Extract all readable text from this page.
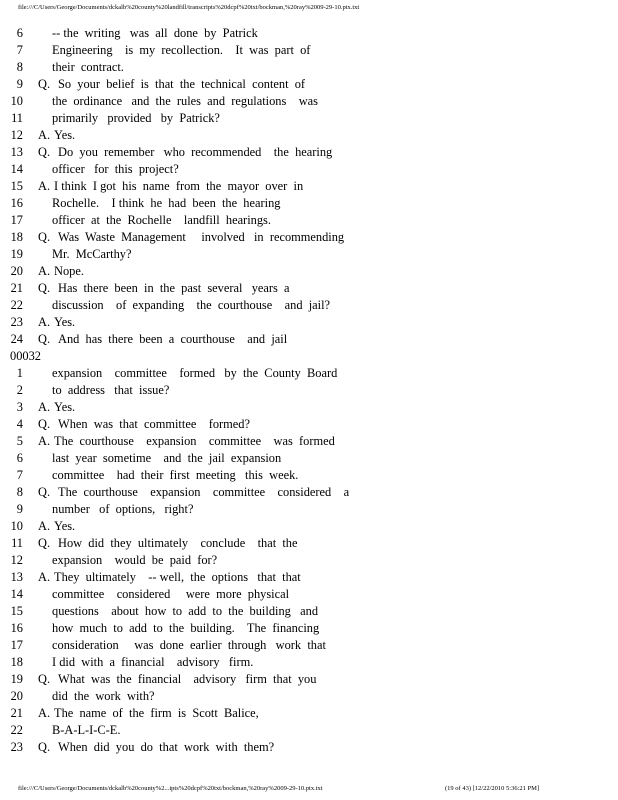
file:///C/Users/George/Documents/dckalb%20county%20landfill/transcripts%20dcpf%20txt/bockman,%20ray%2009-29-10.ptx.txt
6 -- the  writing   was  all  done  by  Patrick
7 Engineering    is  my  recollection.    It  was  part  of
8 their  contract.
9 Q. So  your  belief  is  that  the  technical  content  of
10 the  ordinance   and  the  rules  and  regulations    was
11 primarily   provided   by  Patrick?
12 A. Yes.
13 Q. Do  you  remember   who  recommended    the  hearing
14 officer   for  this  project?
15 A. I think  I got  his  name  from  the  mayor  over  in
16 Rochelle.    I think  he  had  been  the  hearing
17 officer  at  the  Rochelle    landfill  hearings.
18 Q. Was  Waste  Management     involved   in  recommending
19 Mr.  McCarthy?
20 A. Nope.
21 Q. Has  there  been  in  the  past  several   years  a
22 discussion    of  expanding    the  courthouse    and  jail?
23 A. Yes.
24 Q. And  has  there  been  a  courthouse    and  jail
00032
1 expansion    committee    formed   by  the  County  Board
2 to  address   that  issue?
3 A. Yes.
4 Q. When  was  that  committee    formed?
5 A. The  courthouse    expansion    committee    was  formed
6 last  year  sometime    and  the  jail  expansion
7 committee    had  their  first  meeting   this  week.
8 Q. The  courthouse    expansion    committee    considered    a
9 number   of  options,   right?
10 A. Yes.
11 Q. How  did  they  ultimately    conclude    that  the
12 expansion    would  be  paid  for?
13 A. They  ultimately    -- well,  the  options   that  that
14 committee    considered     were  more  physical
15 questions    about  how  to  add  to  the  building   and
16 how  much  to  add  to  the  building.    The  financing
17 consideration     was  done  earlier  through   work  that
18 I did  with  a  financial    advisory   firm.
19 Q. What  was  the  financial    advisory   firm  that  you
20 did  the  work  with?
21 A. The  name  of  the  firm  is  Scott  Balice,
22 B-A-L-I-C-E.
23 Q. When  did  you  do  that  work  with  them?
file:///C/Users/George/Documents/dckalb%20county%2...ipts%20dcpf%20txt/bockman,%20ray%2009-29-10.ptx.txt	(19 of 43) [12/22/2010 5:36:21 PM]
